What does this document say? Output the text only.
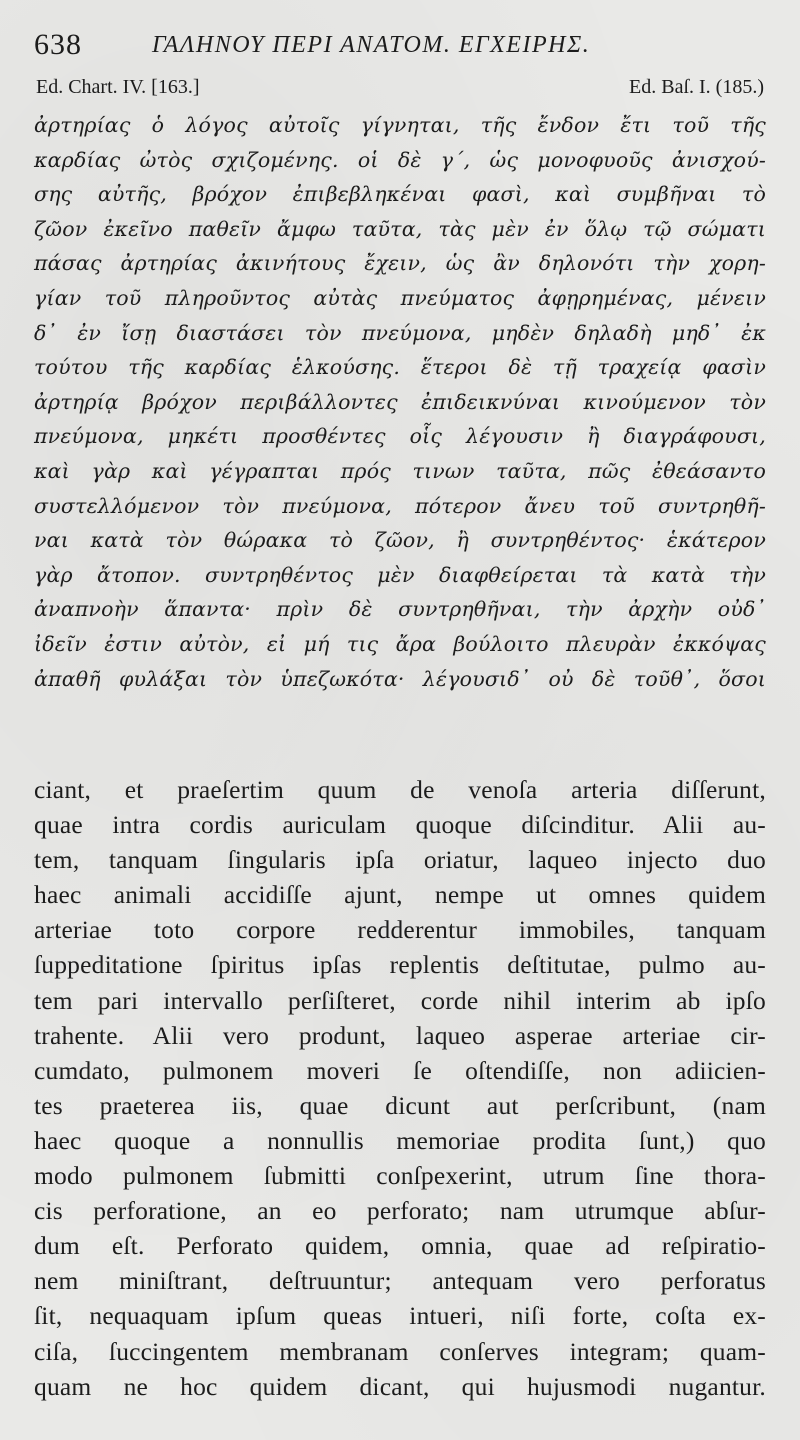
638	ΓΑΛΗΝΟΥ ΠΕΡΙ ΑΝΑΤΟΜ. ΕΓΧΕΙΡΗΣ.
Ed. Chart. IV. [163.]	Ed. Baſ. I. (185.)
ἀρτηρίας ὁ λόγος αὐτοῖς γίγνηται, τῆς ἔνδον ἔτι τοῦ τῆς
καρδίας ὠτὸς σχιζομένης. οἱ δὲ γ΄, ὡς μονοφυοῦς ἀνισχού-
σης αὐτῆς, βρόχον ἐπιβεβληκέναι φασὶ, καὶ συμβῆναι τὸ
ζῶον ἐκεῖνο παθεῖν ἄμφω ταῦτα, τὰς μὲν ἐν ὅλῳ τῷ σώματι
πάσας ἀρτηρίας ἀκινήτους ἔχειν, ὡς ἂν δηλονότι τὴν χορη-
γίαν τοῦ πληροῦντος αὐτὰς πνεύματος ἀφῃρημένας, μένειν
δ᾽ ἐν ἴσῃ διαστάσει τὸν πνεύμονα, μηδὲν δηλαδὴ μηδ᾽ ἐκ
τούτου τῆς καρδίας ἑλκούσης. ἕτεροι δὲ τῇ τραχείᾳ φασὶν
ἀρτηρίᾳ βρόχον περιβάλλοντες ἐπιδεικνύναι κινούμενον τὸν
πνεύμονα, μηκέτι προσθέντες οἷς λέγουσιν ἢ διαγράφουσι,
καὶ γὰρ καὶ γέγραπται πρός τινων ταῦτα, πῶς ἐθεάσαντο
συστελλόμενον τὸν πνεύμονα, πότερον ἄνευ τοῦ συντρηθῆ-
ναι κατὰ τὸν θώρακα τὸ ζῶον, ἢ συντρηθέντος· ἑκάτερον
γὰρ ἄτοπον. συντρηθέντος μὲν διαφθείρεται τὰ κατὰ τὴν
ἀναπνοὴν ἅπαντα· πρὶν δὲ συντρηθῆναι, τὴν ἀρχὴν οὐδ᾽
ἰδεῖν ἐστιν αὐτὸν, εἰ μή τις ἄρα βούλοιτο πλευρὰν ἐκκόψας
ἀπαθῆ φυλάξαι τὸν ὑπεζωκότα· λέγουσιδ᾽ οὐ δὲ τοῦθ᾽, ὅσοι
ciant, et praeſertim quum de venoſa arteria diſſerunt,
quae intra cordis auriculam quoque diſcinditur. Alii au-
tem, tanquam ſingularis ipſa oriatur, laqueo injecto duo
haec animali accidiſſe ajunt, nempe ut omnes quidem
arteriae toto corpore redderentur immobiles, tanquam
ſuppeditatione ſpiritus ipſas replentis deſtitutae, pulmo au-
tem pari intervallo perſiſteret, corde nihil interim ab ipſo
trahente. Alii vero produnt, laqueo asperae arteriae cir-
cumdato, pulmonem moveri ſe oſtendiſſe, non adiicien-
tes praeterea iis, quae dicunt aut perſcribunt, (nam
haec quoque a nonnullis memoriae prodita ſunt,) quo
modo pulmonem ſubmitti conſpexerint, utrum ſine thora-
cis perforatione, an eo perforato; nam utrumque abſur-
dum eſt. Perforato quidem, omnia, quae ad reſpiratio-
nem miniſtrant, deſtruuntur; antequam vero perforatus
ſit, nequaquam ipſum queas intueri, niſi forte, coſta ex-
ciſa, ſuccingentem membranam conſerves integram; quam-
quam ne hoc quidem dicant, qui hujusmodi nugantur.
